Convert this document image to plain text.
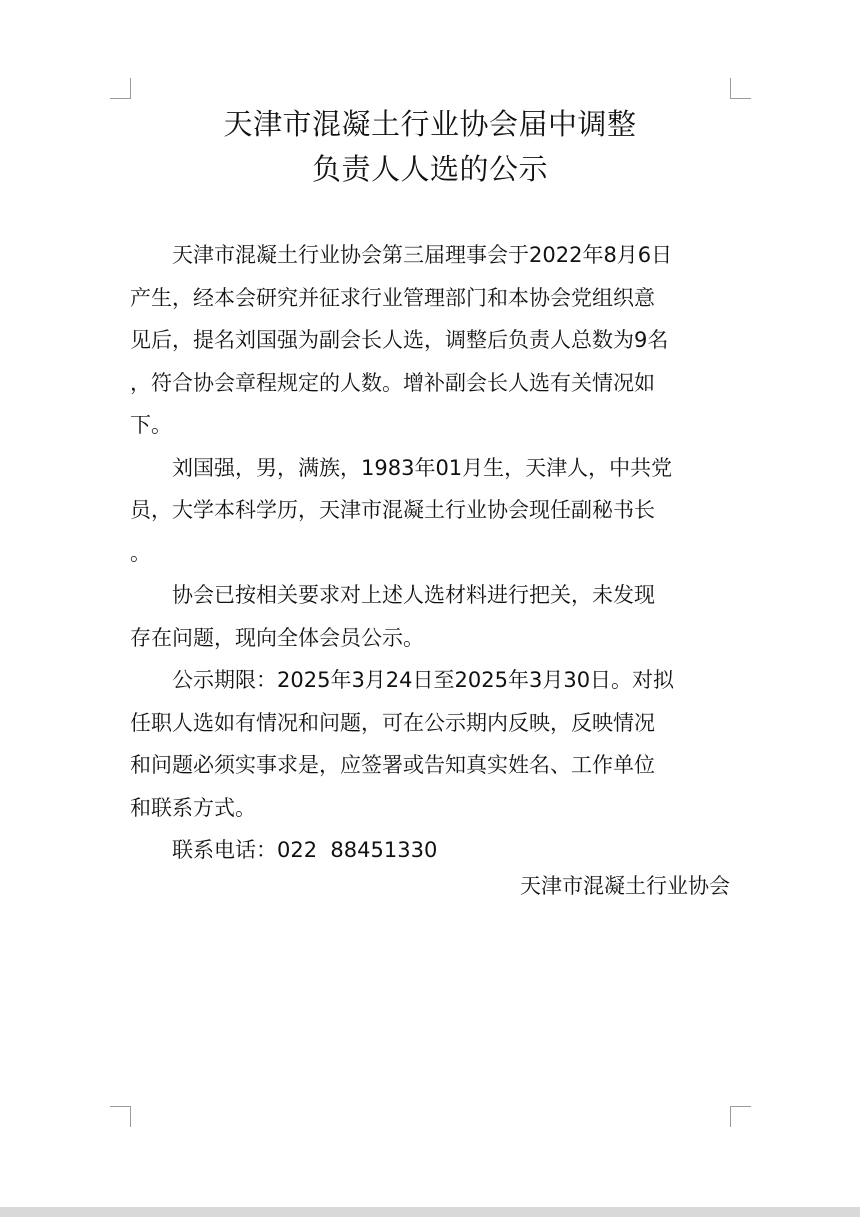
天津市混凝土行业协会届中调整
负责人人选的公示

天津市混凝土行业协会第三届理事会于2022年8月6日
产生，经本会研究并征求行业管理部门和本协会党组织意
见后，提名刘国强为副会长人选，调整后负责人总数为9名
，符合协会章程规定的人数。增补副会长人选有关情况如
下。

刘国强，男，满族，1983年01月生，天津人，中共党
员，大学本科学历，天津市混凝土行业协会现任副秘书长
。

协会已按相关要求对上述人选材料进行把关，未发现
存在问题，现向全体会员公示。

公示期限：2025年3月24日至2025年3月30日。对拟
任职人选如有情况和问题，可在公示期内反映，反映情况
和问题必须实事求是，应签署或告知真实姓名、工作单位
和联系方式。

联系电话：022  88451330

天津市混凝土行业协会
